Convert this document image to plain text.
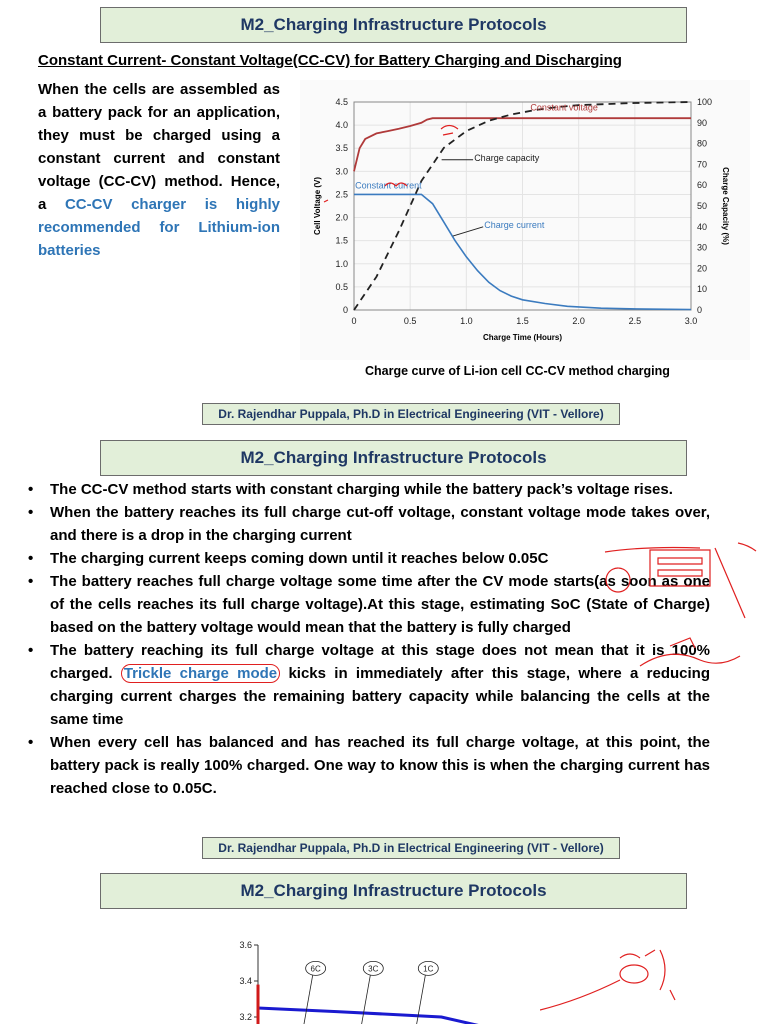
M2_Charging Infrastructure Protocols
Constant Current- Constant Voltage(CC-CV) for Battery Charging and Discharging
When the cells are assembled as a battery pack for an application, they must be charged using a constant current and constant voltage (CC-CV) method. Hence, a CC-CV charger is highly recommended for Lithium-ion batteries
0
0.5
1.0
1.5
2.0
2.5
3.0
3.5
4.0
4.5
0	0.5	1.0	1.5	2.0	2.5	3.0
0
10
20
30
40
50
60
70
80
90
100
Charge Time (Hours)
Cell Voltage (V)	Charge Capacity (%)
Constant voltage
Charge capacity
Constant current
Charge current
Charge curve of Li-ion cell CC-CV method charging
Dr. Rajendhar Puppala, Ph.D in Electrical Engineering (VIT - Vellore)
M2_Charging Infrastructure Protocols
• The CC-CV method starts with constant charging while the battery pack’s voltage rises.
• When the battery reaches its full charge cut-off voltage, constant voltage mode takes over, and there is a drop in the charging current
• The charging current keeps coming down until it reaches below 0.05C
• The battery reaches full charge voltage some time after the CV mode starts(as soon as one of the cells reaches its full charge voltage).At this stage, estimating SoC (State of Charge) based on the battery voltage would mean that the battery is fully charged
• The battery reaching its full charge voltage at this stage does not mean that it is 100% charged. Trickle charge mode kicks in immediately after this stage, where a reducing charging current charges the remaining battery capacity while balancing the cells at the same time
• When every cell has balanced and has reached its full charge voltage, at this point, the battery pack is really 100% charged. One way to know this is when the charging current has reached close to 0.05C.
Dr. Rajendhar Puppala, Ph.D in Electrical Engineering (VIT - Vellore)
M2_Charging Infrastructure Protocols
3.6
3.4
3.2
6C	3C	1C
